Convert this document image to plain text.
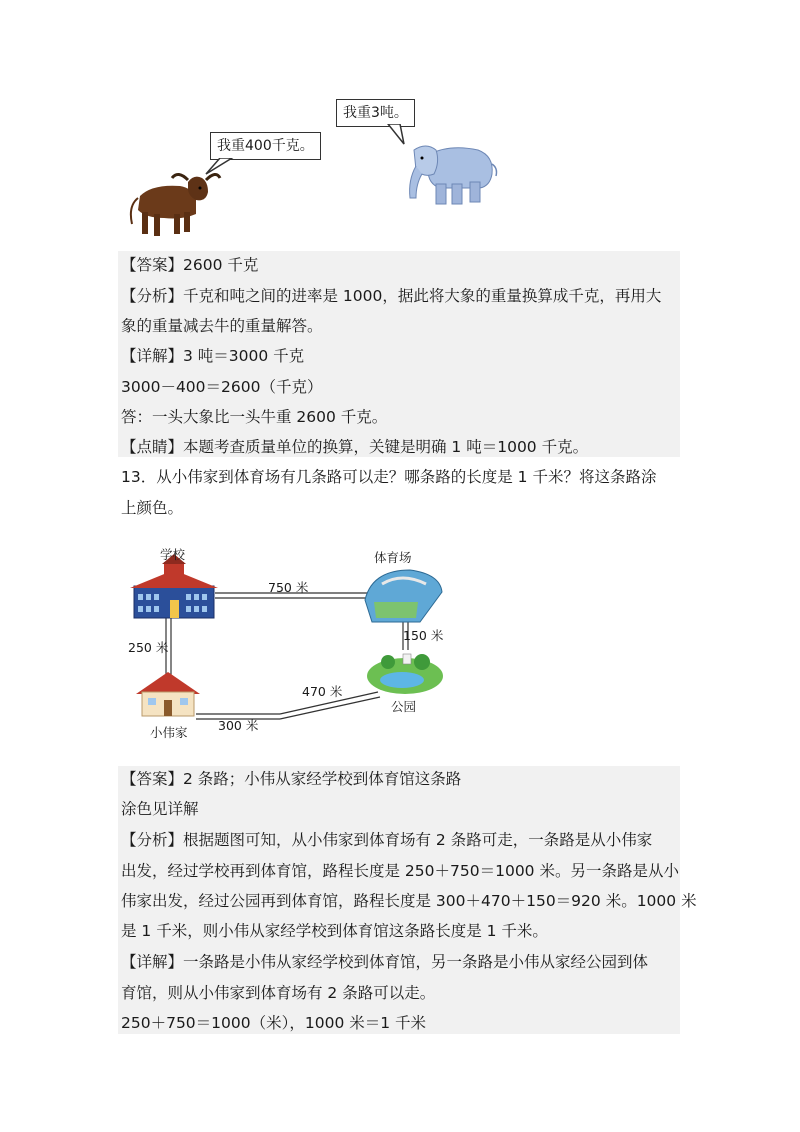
我重400千克。
我重3吨。
【答案】2600 千克
【分析】千克和吨之间的进率是 1000，据此将大象的重量换算成千克，再用大
象的重量减去牛的重量解答。
【详解】3 吨＝3000 千克
3000－400＝2600（千克）
答：一头大象比一头牛重 2600 千克。
【点睛】本题考查质量单位的换算，关键是明确 1 吨＝1000 千克。
13．从小伟家到体育场有几条路可以走？哪条路的长度是 1 千米？将这条路涂
上颜色。
学校	体育场
750 米
150 米
250 米
470 米
公园
小伟家 300 米
【答案】2 条路；小伟从家经学校到体育馆这条路
涂色见详解
【分析】根据题图可知，从小伟家到体育场有 2 条路可走，一条路是从小伟家
出发，经过学校再到体育馆，路程长度是 250＋750＝1000 米。另一条路是从小
伟家出发，经过公园再到体育馆，路程长度是 300＋470＋150＝920 米。1000 米
是 1 千米，则小伟从家经学校到体育馆这条路长度是 1 千米。
【详解】一条路是小伟从家经学校到体育馆，另一条路是小伟从家经公园到体
育馆，则从小伟家到体育场有 2 条路可以走。
250＋750＝1000（米），1000 米＝1 千米
